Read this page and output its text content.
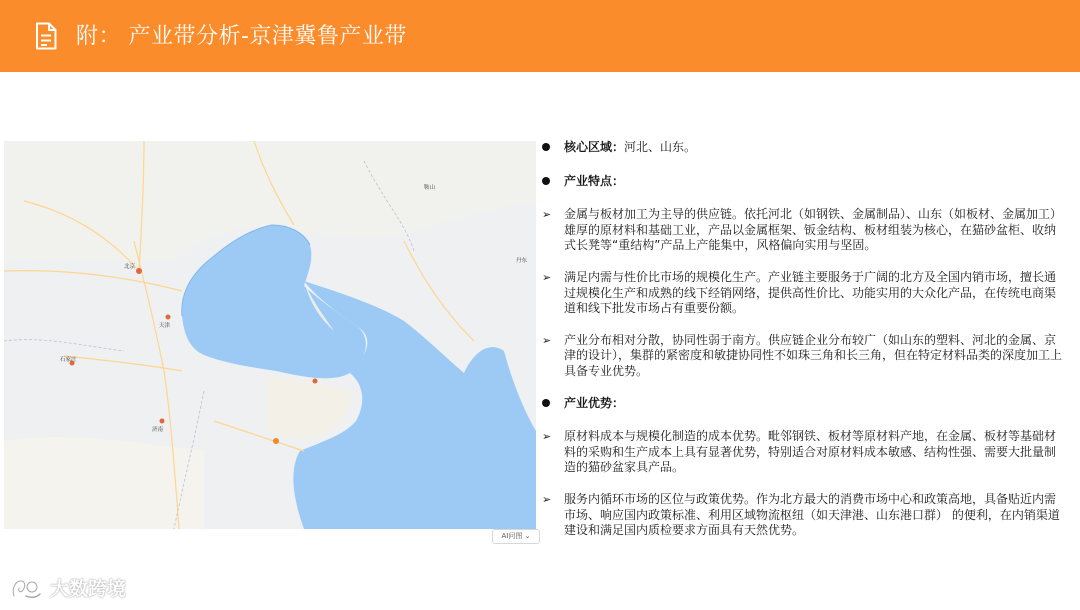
附： 产业带分析-京津冀鲁产业带
北京
天津
石家庄
济南
鞍山
丹东
AI问图 ⌄
核心区域：河北、山东。
产业特点：
➢ 金属与板材加工为主导的供应链。依托河北（如钢铁、金属制品）、山东（如板材、金属加工）雄厚的原材料和基础工业，产品以金属框架、钣金结构、板材组装为核心，在猫砂盆柜、收纳式长凳等“重结构”产品上产能集中，风格偏向实用与坚固。
➢ 满足内需与性价比市场的规模化生产。产业链主要服务于广阔的北方及全国内销市场，擅长通过规模化生产和成熟的线下经销网络，提供高性价比、功能实用的大众化产品，在传统电商渠道和线下批发市场占有重要份额。
➢ 产业分布相对分散，协同性弱于南方。供应链企业分布较广（如山东的塑料、河北的金属、京津的设计），集群的紧密度和敏捷协同性不如珠三角和长三角，但在特定材料品类的深度加工上具备专业优势。
产业优势：
➢ 原材料成本与规模化制造的成本优势。毗邻钢铁、板材等原材料产地，在金属、板材等基础材料的采购和生产成本上具有显著优势，特别适合对原材料成本敏感、结构性强、需要大批量制造的猫砂盆家具产品。
➢ 服务内循环市场的区位与政策优势。作为北方最大的消费市场中心和政策高地，具备贴近内需市场、响应国内政策标准、利用区域物流枢纽（如天津港、山东港口群） 的便利，在内销渠道建设和满足国内质检要求方面具有天然优势。
大数跨境
